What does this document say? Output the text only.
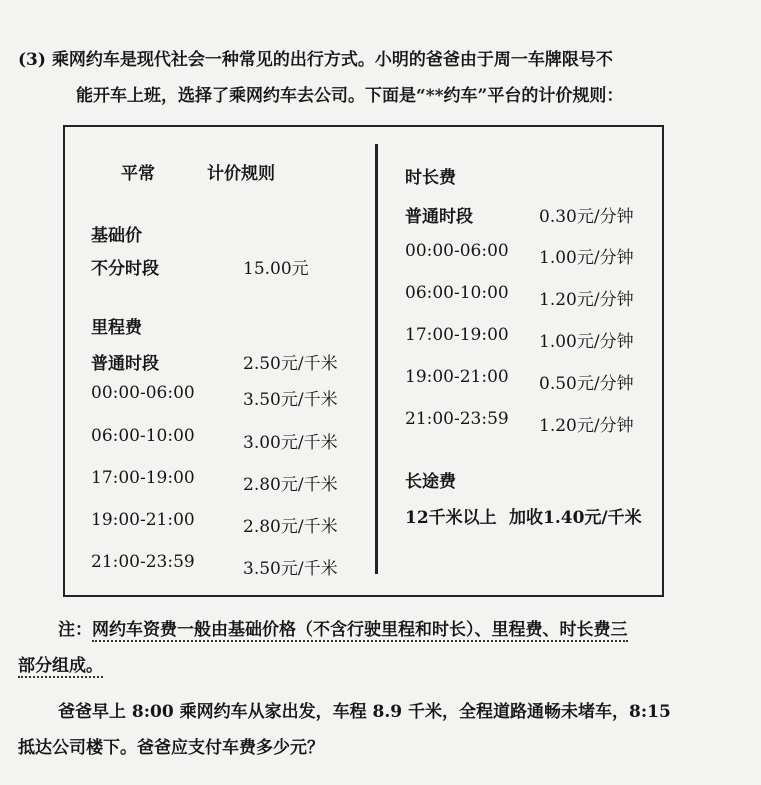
(3) 乘网约车是现代社会一种常见的出行方式。小明的爸爸由于周一车牌限号不
能开车上班，选择了乘网约车去公司。下面是“**约车”平台的计价规则：
平常	计价规则
基础价
不分时段	15.00元
里程费
普通时段	2.50元/千米
00:00-06:00	3.50元/千米
06:00-10:00	3.00元/千米
17:00-19:00	2.80元/千米
19:00-21:00	2.80元/千米
21:00-23:59	3.50元/千米
时长费
普通时段	0.30元/分钟
00:00-06:00 1.00元/分钟
06:00-10:00 1.20元/分钟
17:00-19:00 1.00元/分钟
19:00-21:00 0.50元/分钟
21:00-23:59 1.20元/分钟
长途费
12千米以上 加收1.40元/千米
注：网约车资费一般由基础价格（不含行驶里程和时长）、里程费、时长费三
部分组成。
爸爸早上 8:00 乘网约车从家出发，车程 8.9 千米，全程道路通畅未堵车，8:15
抵达公司楼下。爸爸应支付车费多少元？
